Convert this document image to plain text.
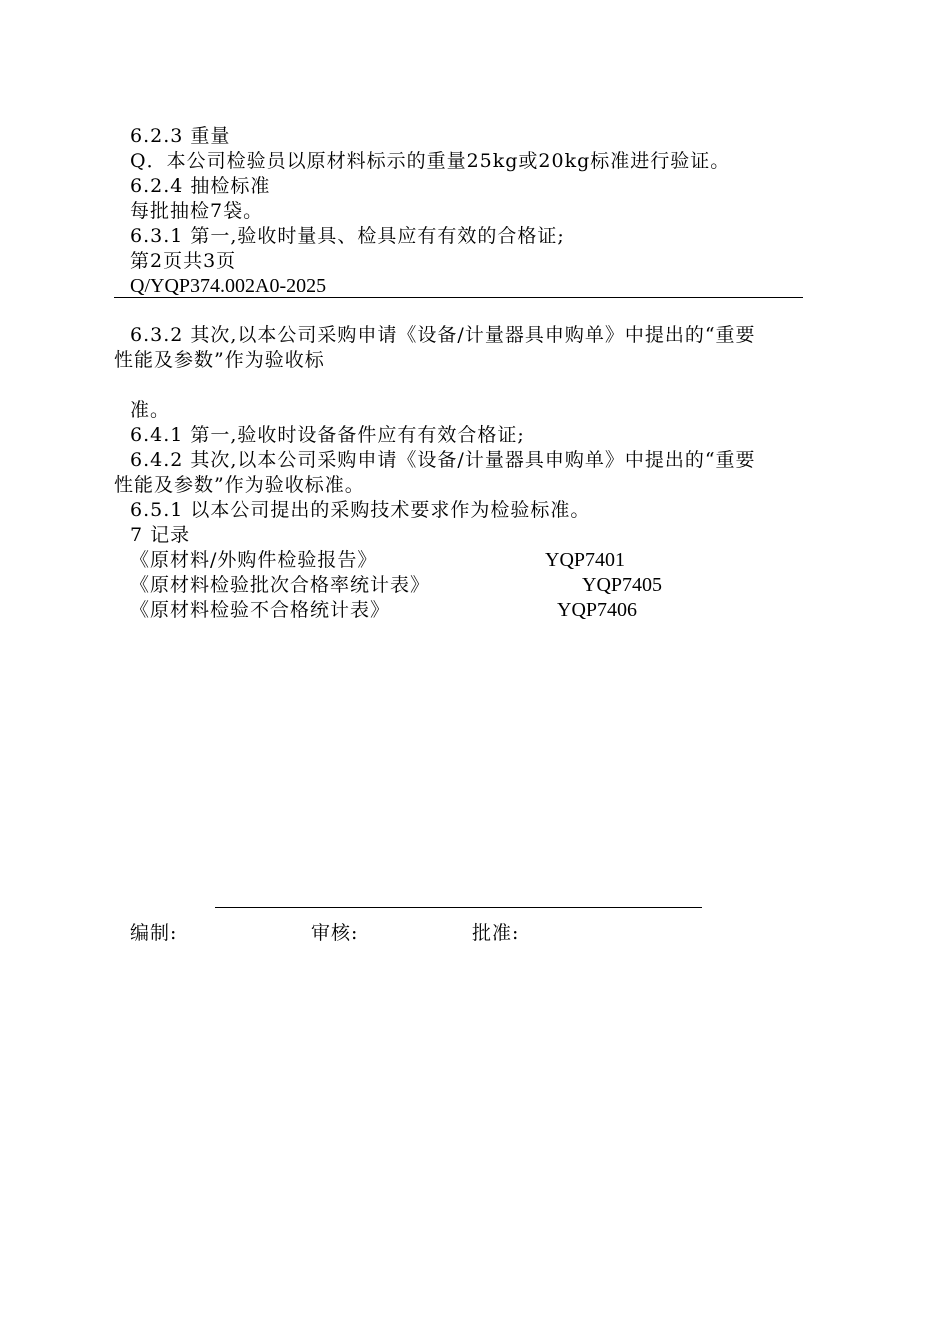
6.2.3 重量
Q．本公司检验员以原材料标示的重量25kg或20kg标准进行验证。
6.2.4 抽检标准
每批抽检7袋。
6.3.1 第一,验收时量具、检具应有有效的合格证;
第2页共3页
Q/YQP374.002A0-2025
6.3.2 其次,以本公司采购申请《设备/计量器具申购单》中提出的“重要
性能及参数”作为验收标
准。
6.4.1 第一,验收时设备备件应有有效合格证;
6.4.2 其次,以本公司采购申请《设备/计量器具申购单》中提出的“重要
性能及参数”作为验收标准。
6.5.1 以本公司提出的采购技术要求作为检验标准。
7 记录
《原材料/外购件检验报告》	YQP7401
《原材料检验批次合格率统计表》	YQP7405
《原材料检验不合格统计表》	YQP7406
编制:	审核:	批准:
